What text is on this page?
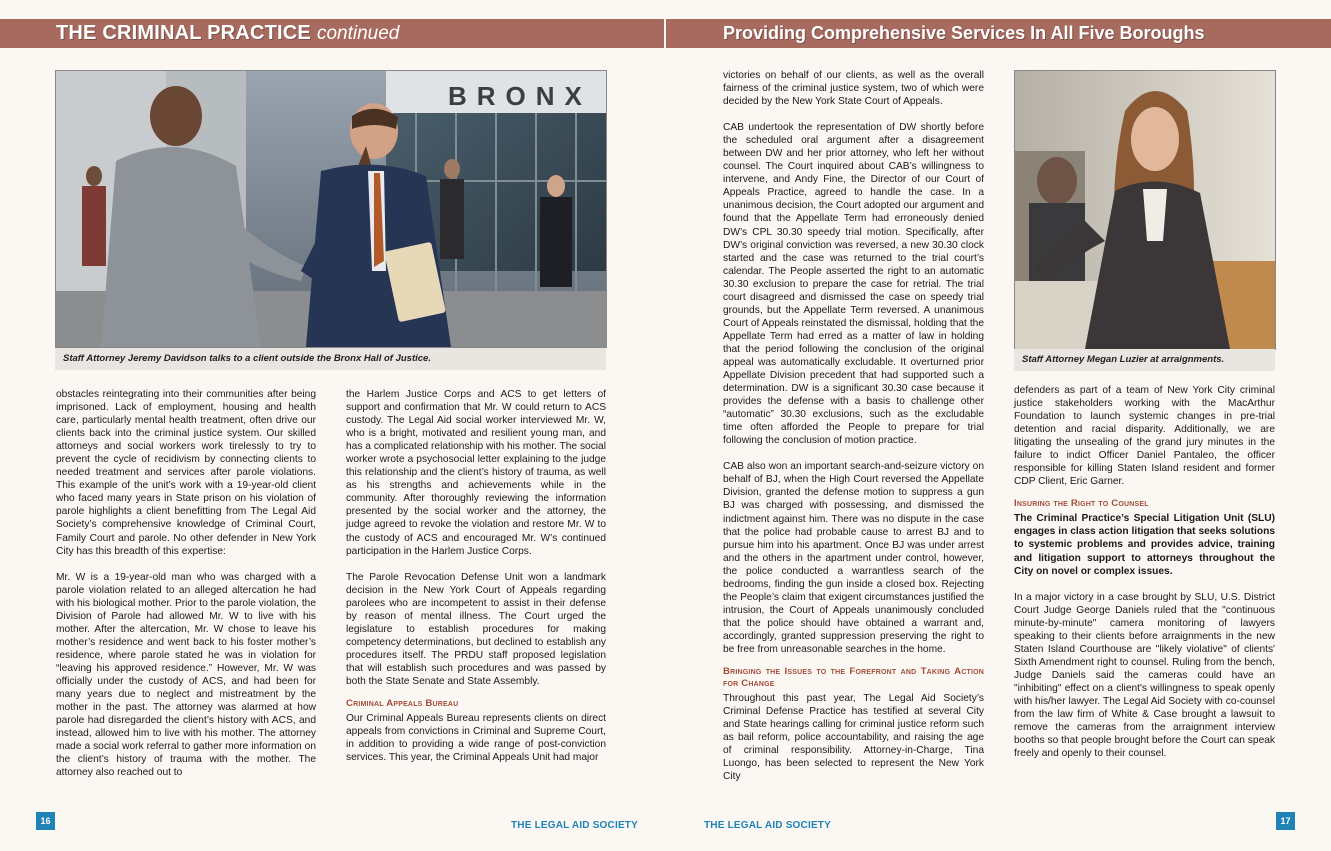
THE CRIMINAL PRACTICE continued	Providing Comprehensive Services In All Five Boroughs
BRONX
Staff Attorney Jeremy Davidson talks to a client outside the Bronx Hall of Justice.	Staff Attorney Megan Luzier at arraignments.

obstacles reintegrating into their communities after being imprisoned. Lack of employment, housing and health care, particularly mental health treatment, often drive our clients back into the criminal justice system. Our skilled attorneys and social workers work tirelessly to try to prevent the cycle of recidivism by connecting clients to needed treatment and services after parole violations. This example of the unit’s work with a 19-year-old client who faced many years in State prison on his violation of parole highlights a client benefitting from The Legal Aid Society’s comprehensive knowledge of Criminal Court, Family Court and parole. No other defender in New York City has this breadth of this expertise:

Mr. W is a 19-year-old man who was charged with a parole violation related to an alleged altercation he had with his biological mother. Prior to the parole violation, the Division of Parole had allowed Mr. W to live with his mother. After the altercation, Mr. W chose to leave his mother’s residence and went back to his foster mother’s residence, where parole stated he was in violation for “leaving his approved residence.” However, Mr. W was officially under the custody of ACS, and had been for many years due to neglect and mistreatment by the mother in the past. The attorney was alarmed at how parole had disregarded the client’s history with ACS, and instead, allowed him to live with his mother. The attorney made a social work referral to gather more information on the client’s history of trauma with the mother. The attorney also reached out to

the Harlem Justice Corps and ACS to get letters of support and confirmation that Mr. W could return to ACS custody. The Legal Aid social worker interviewed Mr. W, who is a bright, motivated and resilient young man, and has a complicated relationship with his mother. The social worker wrote a psychosocial letter explaining to the judge this relationship and the client’s history of trauma, as well as his strengths and achievements while in the community. After thoroughly reviewing the information presented by the social worker and the attorney, the judge agreed to revoke the violation and restore Mr. W to the custody of ACS and encouraged Mr. W’s continued participation in the Harlem Justice Corps.

The Parole Revocation Defense Unit won a landmark decision in the New York Court of Appeals regarding parolees who are incompetent to assist in their defense by reason of mental illness. The Court urged the legislature to establish procedures for making competency determinations, but declined to establish any procedures itself. The PRDU staff proposed legislation that will establish such procedures and was passed by both the State Senate and State Assembly.

Criminal Appeals Bureau

Our Criminal Appeals Bureau represents clients on direct appeals from convictions in Criminal and Supreme Court, in addition to providing a wide range of post-conviction services. This year, the Criminal Appeals Unit had major

victories on behalf of our clients, as well as the overall fairness of the criminal justice system, two of which were decided by the New York State Court of Appeals.

CAB undertook the representation of DW shortly before the scheduled oral argument after a disagreement between DW and her prior attorney, who left her without counsel. The Court inquired about CAB’s willingness to intervene, and Andy Fine, the Director of our Court of Appeals Practice, agreed to handle the case. In a unanimous decision, the Court adopted our argument and found that the Appellate Term had erroneously denied DW’s CPL 30.30 speedy trial motion. Specifically, after DW’s original conviction was reversed, a new 30.30 clock started and the case was returned to the trial court’s calendar. The People asserted the right to an automatic 30.30 exclusion to prepare the case for retrial. The trial court disagreed and dismissed the case on speedy trial grounds, but the Appellate Term reversed. A unanimous Court of Appeals reinstated the dismissal, holding that the Appellate Term had erred as a matter of law in holding that the period following the conclusion of the original appeal was automatically excludable. It overturned prior Appellate Division precedent that had supported such a determination. DW is a significant 30.30 case because it provides the defense with a basis to challenge other “automatic” 30.30 exclusions, such as the excludable time often afforded the People to prepare for trial following the conclusion of motion practice.

CAB also won an important search-and-seizure victory on behalf of BJ, when the High Court reversed the Appellate Division, granted the defense motion to suppress a gun BJ was charged with possessing, and dismissed the indictment against him. There was no dispute in the case that the police had probable cause to arrest BJ and to pursue him into his apartment. Once BJ was under arrest and the others in the apartment under control, however, the police conducted a warrantless search of the bedrooms, finding the gun inside a closed box. Rejecting the People’s claim that exigent circumstances justified the intrusion, the Court of Appeals unanimously concluded that the police should have obtained a warrant and, accordingly, granted suppression preserving the right to be free from unreasonable searches in the home.

Bringing the Issues to the Forefront and Taking Action for Change

Throughout this past year, The Legal Aid Society’s Criminal Defense Practice has testified at several City and State hearings calling for criminal justice reform such as bail reform, police accountability, and raising the age of criminal responsibility. Attorney-in-Charge, Tina Luongo, has been selected to represent the New York City

defenders as part of a team of New York City criminal justice stakeholders working with the MacArthur Foundation to launch systemic changes in pre-trial detention and racial disparity. Additionally, we are litigating the unsealing of the grand jury minutes in the failure to indict Officer Daniel Pantaleo, the officer responsible for killing Staten Island resident and former CDP Client, Eric Garner.

Insuring the Right to Counsel

The Criminal Practice’s Special Litigation Unit (SLU) engages in class action litigation that seeks solutions to systemic problems and provides advice, training and litigation support to attorneys throughout the City on novel or complex issues.

In a major victory in a case brought by SLU, U.S. District Court Judge George Daniels ruled that the "continuous minute-by-minute" camera monitoring of lawyers speaking to their clients before arraignments in the new Staten Island Courthouse are "likely violative" of clients' Sixth Amendment right to counsel. Ruling from the bench, Judge Daniels said the cameras could have an "inhibiting" effect on a client's willingness to speak openly with his/her lawyer. The Legal Aid Society with co-counsel from the law firm of White & Case brought a lawsuit to remove the cameras from the arraignment interview booths so that people brought before the Court can speak freely and openly to their counsel.

16	17
THE LEGAL AID SOCIETY	THE LEGAL AID SOCIETY
